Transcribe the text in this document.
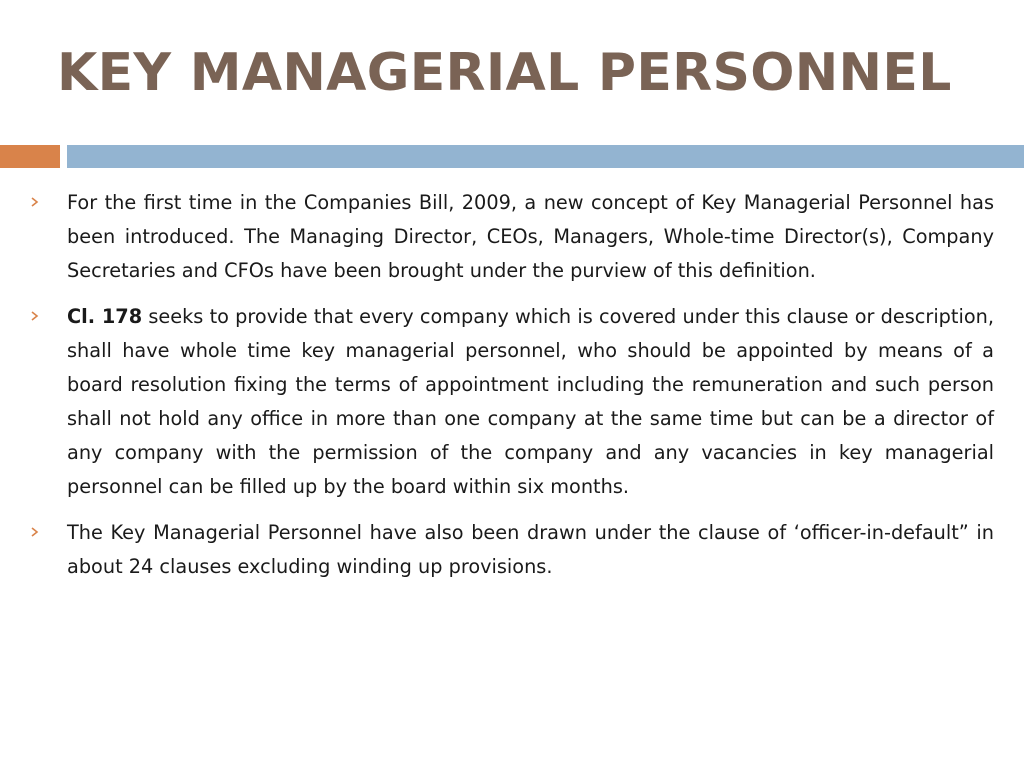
KEY MANAGERIAL PERSONNEL
For the first time in the Companies Bill, 2009, a new concept of Key Managerial Personnel has been introduced. The Managing Director, CEOs, Managers, Whole-time Director(s), Company Secretaries and CFOs have been brought under the purview of this definition.
Cl. 178 seeks to provide that every company which is covered under this clause or description, shall have whole time key managerial personnel, who should be appointed by means of a board resolution fixing the terms of appointment including the remuneration and such person shall not hold any office in more than one company at the same time but can be a director of any company with the permission of the company and any vacancies in key managerial personnel can be filled up by the board within six months.
The Key Managerial Personnel have also been drawn under the clause of ‘officer-in-default” in about 24 clauses excluding winding up provisions.
